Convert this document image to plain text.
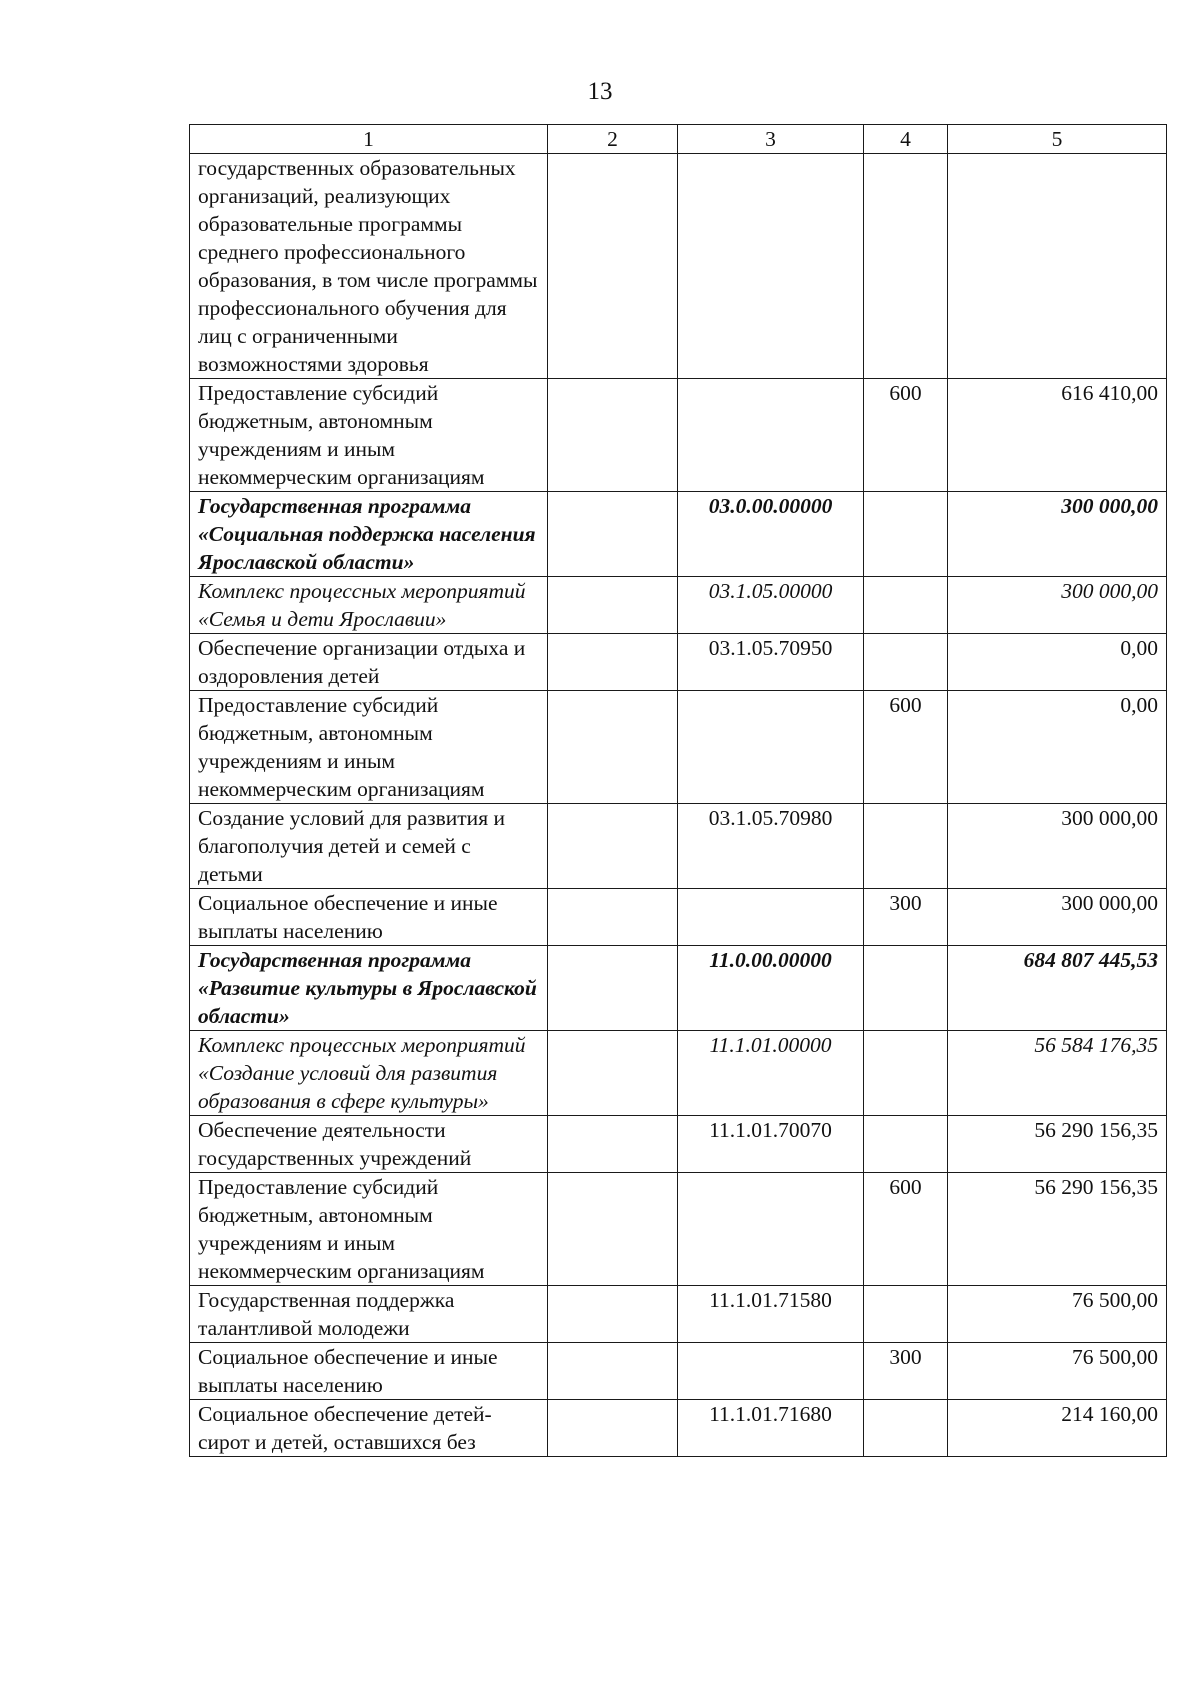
13
1	2	3	4	5
государственных образовательных организаций, реализующих образовательные программы среднего профессионального образования, в том числе программы профессионального обучения для лиц с ограниченными возможностями здоровья				
Предоставление субсидий бюджетным, автономным учреждениям и иным некоммерческим организациям			600	616 410,00
Государственная программа «Социальная поддержка населения Ярославской области»		03.0.00.00000		300 000,00
Комплекс процессных мероприятий «Семья и дети Ярославии»		03.1.05.00000		300 000,00
Обеспечение организации отдыха и оздоровления детей		03.1.05.70950		0,00
Предоставление субсидий бюджетным, автономным учреждениям и иным некоммерческим организациям			600	0,00
Создание условий для развития и благополучия детей и семей с детьми		03.1.05.70980		300 000,00
Социальное обеспечение и иные выплаты населению			300	300 000,00
Государственная программа «Развитие культуры в Ярославской области»		11.0.00.00000		684 807 445,53
Комплекс процессных мероприятий «Создание условий для развития образования в сфере культуры»		11.1.01.00000		56 584 176,35
Обеспечение деятельности государственных учреждений		11.1.01.70070		56 290 156,35
Предоставление субсидий бюджетным, автономным учреждениям и иным некоммерческим организациям			600	56 290 156,35
Государственная поддержка талантливой молодежи		11.1.01.71580		76 500,00
Социальное обеспечение и иные выплаты населению			300	76 500,00
Социальное обеспечение детей-сирот и детей, оставшихся без		11.1.01.71680		214 160,00
